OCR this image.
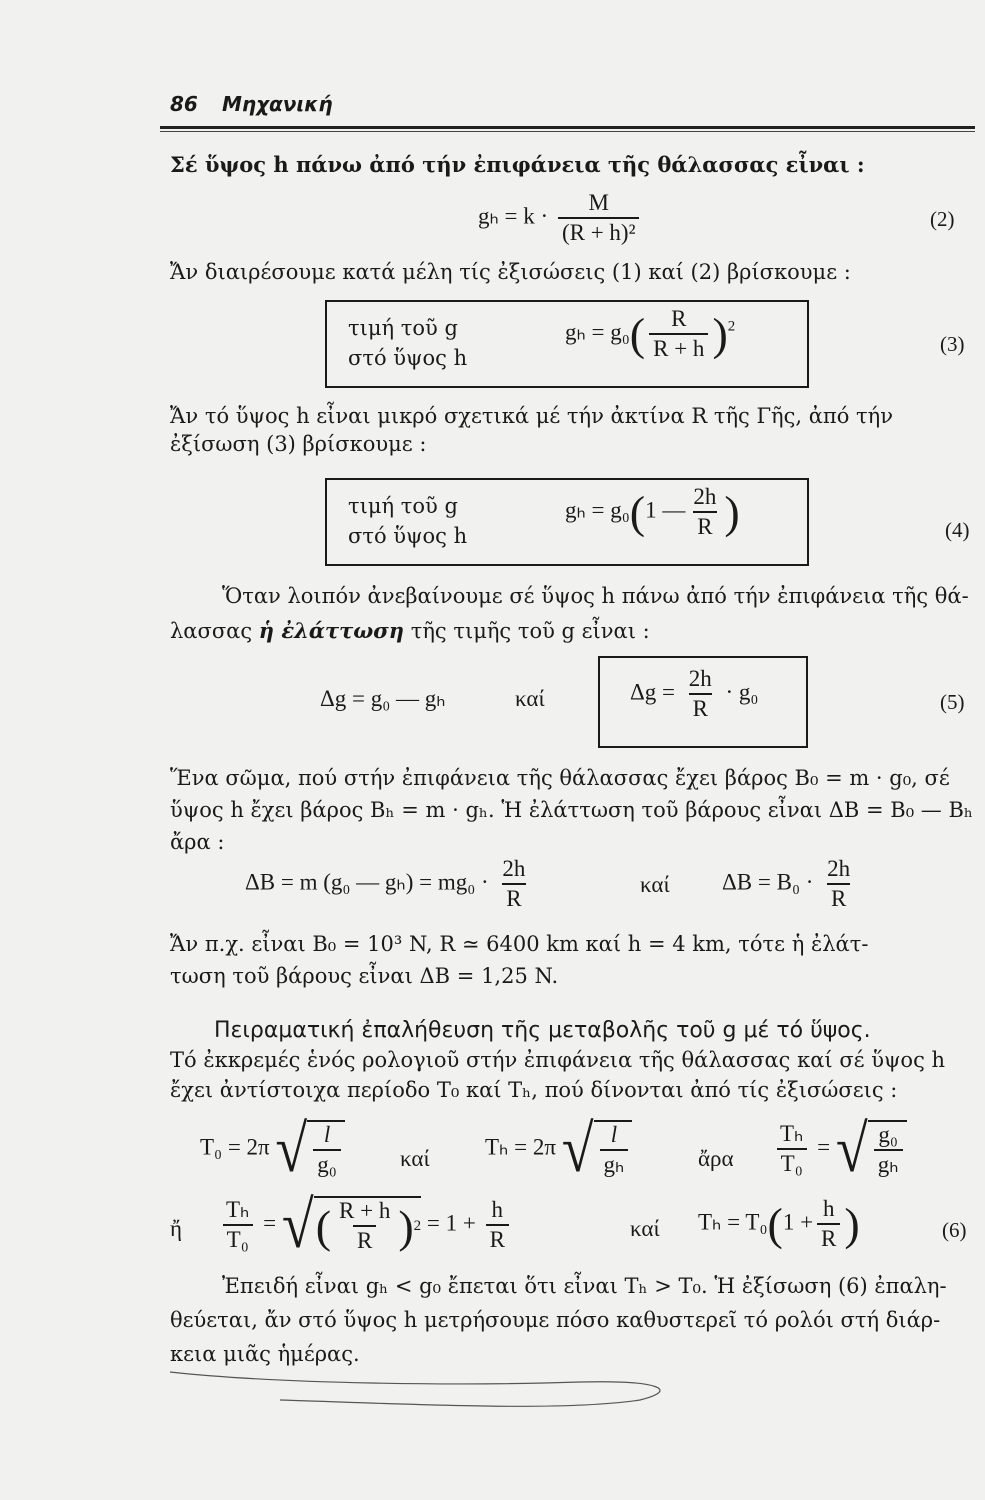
86 Μηχανική
Σέ ὕψος h πάνω ἀπό τήν ἐπιφάνεια τῆς θάλασσας εἶναι :
$g_h = k \cdot \frac{M}{\text{(R + h)²}}$	(2)
Ἄν διαιρέσουμε κατά μέλη τίς ἐξισώσεις (1) καί (2) βρίσκουμε :
τιμή τοῦ g
στό ὕψος h
$g_h = g_0( \frac{R}{R + h} )^2$
(3)
Ἄν τό ὕψος h εἶναι μικρό σχετικά μέ τήν ἀκτίνα R τῆς Γῆς, ἀπό τήν
ἐξίσωση (3) βρίσκουμε :
τιμή τοῦ g
στό ὕψος h
gₕ = g₀(1 — $\frac{2h}{R}$ )	(4)
Ὅταν λοιπόν ἀνεβαίνουμε σέ ὕψος h πάνω ἀπό τήν ἐπιφάνεια τῆς θά-
λασσας ἡ ἐλάττωση τῆς τιμῆς τοῦ g εἶναι :
Δg = g₀ — gₕ	καί	$\Delta g = \frac{2h}{R} \cdot g_0$	(5)
Ἕνα σῶμα, πού στήν ἐπιφάνεια τῆς θάλασσας ἔχει βάρος B₀ = m · g₀, σέ
ὕψος h ἔχει βάρος Bₕ = m · gₕ. Ἡ ἐλάττωση τοῦ βάρους εἶναι ΔB = B₀ — Bₕ
ἄρα :
ΔB = m (g₀ — $g_h) = mg_0 \cdot \frac{2h}{R}$	καί $\Delta B = B_0 \cdot \frac{2h}{R}$
Ἄν π.χ. εἶναι B₀ = 10³ N, R ≃ 6400 km καί h = 4 km, τότε ἡ ἐλάτ-
τωση τοῦ βάρους εἶναι ΔB = 1,25 N.
Πειραματική ἐπαλήθευση τῆς μεταβολῆς τοῦ g μέ τό ὕψος.
Τό ἐκκρεμές ἑνός ρολογιοῦ στήν ἐπιφάνεια τῆς θάλασσας καί σέ ὕψος h
ἔχει ἀντίστοιχα περίοδο T₀ καί Tₕ, πού δίνονται ἀπό τίς ἐξισώσεις :
T₀ = 2π √ $\frac{l}{\text{g₀}}$	καί Tₕ = 2π √ $\frac{l}{\text{gₕ}}$	ἄρα $\frac{\text{Tₕ}}{\text{T₀}}$ = √ $\frac{\text{g₀}}{\text{gₕ}}$
ἤ $\frac{\text{Tₕ}}{\text{T₀}}$ = √ ( $\frac{R + h}{R}$ ) $2 = 1 + \frac{h}{R}$	καί $T_h = T_0(1 + \frac{h}{R}$ )	(6)
Ἐπειδή εἶναι gₕ < g₀ ἔπεται ὅτι εἶναι Tₕ > T₀. Ἡ ἐξίσωση (6) ἐπαλη-
θεύεται, ἄν στό ὕψος h μετρήσουμε πόσο καθυστερεῖ τό ρολόι στή διάρ-
κεια μιᾶς ἡμέρας.
